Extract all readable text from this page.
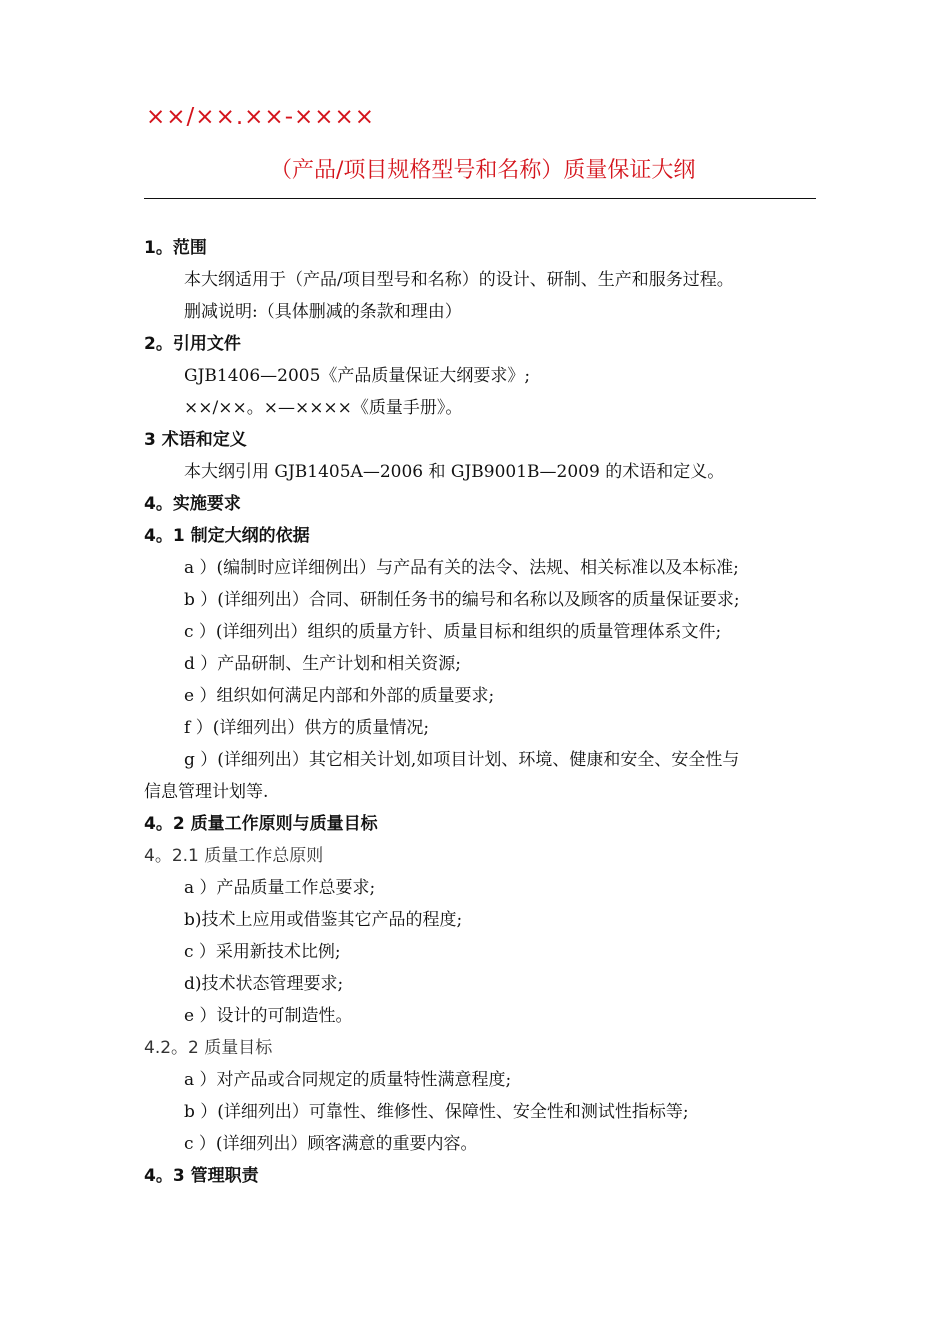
××/××.××-××××
（产品/项目规格型号和名称）质量保证大纲
1。范围
本大纲适用于（产品/项目型号和名称）的设计、研制、生产和服务过程。
删减说明:（具体删减的条款和理由）
2。引用文件
GJB1406—2005《产品质量保证大纲要求》;
××/××。×—××××《质量手册》。
3 术语和定义
本大纲引用 GJB1405A—2006 和 GJB9001B—2009 的术语和定义。
4。实施要求
4。1 制定大纲的依据
a ）(编制时应详细例出）与产品有关的法令、法规、相关标准以及本标准;
b ）(详细列出）合同、研制任务书的编号和名称以及顾客的质量保证要求;
c ）(详细列出）组织的质量方针、质量目标和组织的质量管理体系文件;
d ）产品研制、生产计划和相关资源;
e ）组织如何满足内部和外部的质量要求;
f ）(详细列出）供方的质量情况;
g ）(详细列出）其它相关计划,如项目计划、环境、健康和安全、安全性与
信息管理计划等.
4。2 质量工作原则与质量目标
4。2.1 质量工作总原则
a ）产品质量工作总要求;
b)技术上应用或借鉴其它产品的程度;
c ）采用新技术比例;
d)技术状态管理要求;
e ）设计的可制造性。
4.2。2 质量目标
a ）对产品或合同规定的质量特性满意程度;
b ）(详细列出）可靠性、维修性、保障性、安全性和测试性指标等;
c ）(详细列出）顾客满意的重要内容。
4。3 管理职责
